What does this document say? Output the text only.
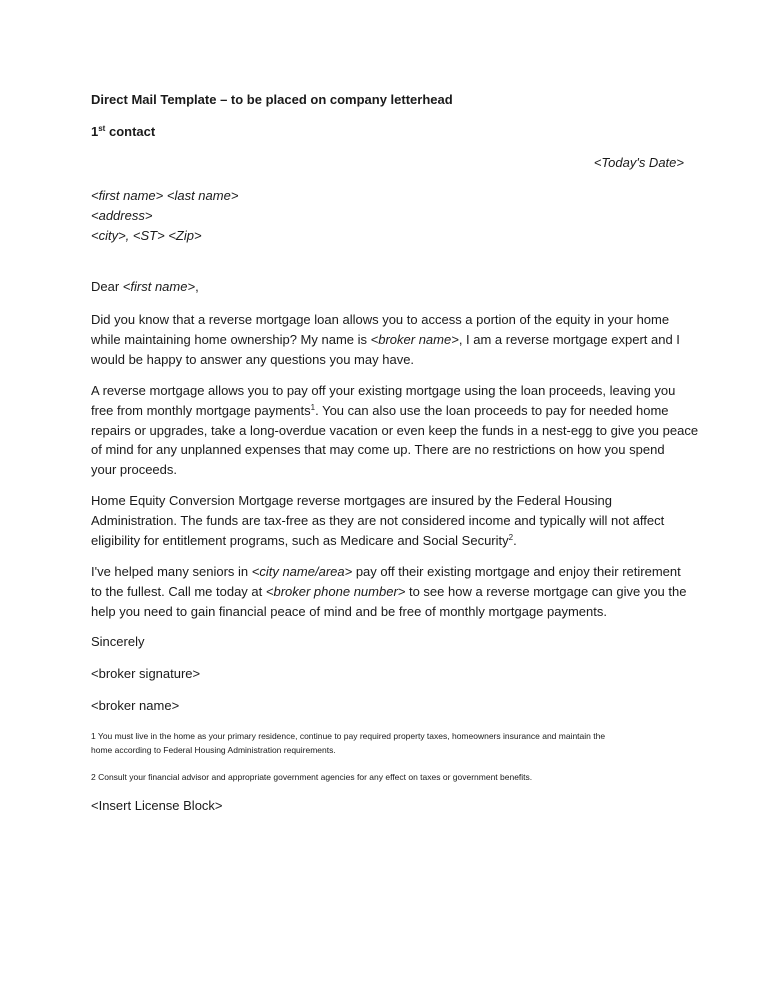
Direct Mail Template – to be placed on company letterhead
1st contact
<Today's Date>
<first name> <last name>
<address>
<city>, <ST> <Zip>
Dear <first name>,
Did you know that a reverse mortgage loan allows you to access a portion of the equity in your home
while maintaining home ownership? My name is <broker name>, I am a reverse mortgage expert and I
would be happy to answer any questions you may have.
A reverse mortgage allows you to pay off your existing mortgage using the loan proceeds, leaving you
free from monthly mortgage payments$^1$. You can also use the loan proceeds to pay for needed home
repairs or upgrades, take a long-overdue vacation or even keep the funds in a nest-egg to give you peace
of mind for any unplanned expenses that may come up. There are no restrictions on how you spend
your proceeds.
Home Equity Conversion Mortgage reverse mortgages are insured by the Federal Housing
Administration. The funds are tax-free as they are not considered income and typically will not affect
eligibility for entitlement programs, such as Medicare and Social Security$^2$.
I've helped many seniors in <city name/area> pay off their existing mortgage and enjoy their retirement
to the fullest. Call me today at <broker phone number> to see how a reverse mortgage can give you the
help you need to gain financial peace of mind and be free of monthly mortgage payments.
Sincerely
<broker signature>
<broker name>
1 You must live in the home as your primary residence, continue to pay required property taxes, homeowners insurance and maintain the
home according to Federal Housing Administration requirements.
2 Consult your financial advisor and appropriate government agencies for any effect on taxes or government benefits.
<Insert License Block>
